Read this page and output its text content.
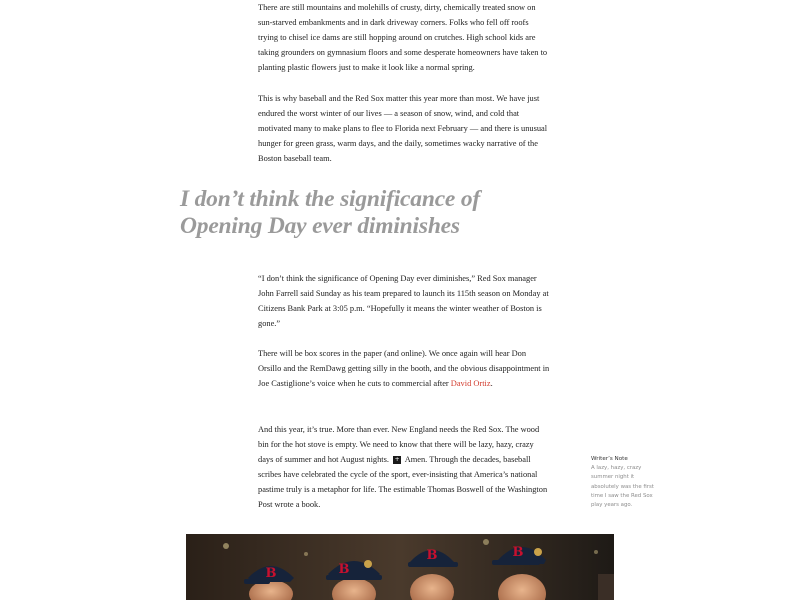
There are still mountains and molehills of crusty, dirty, chemically treated snow on sun-starved embankments and in dark driveway corners. Folks who fell off roofs trying to chisel ice dams are still hopping around on crutches. High school kids are taking grounders on gymnasium floors and some desperate homeowners have taken to planting plastic flowers just to make it look like a normal spring.

This is why baseball and the Red Sox matter this year more than most. We have just endured the worst winter of our lives — a season of snow, wind, and cold that motivated many to make plans to flee to Florida next February — and there is unusual hunger for green grass, warm days, and the daily, sometimes wacky narrative of the Boston baseball team.

I don’t think the significance of Opening Day ever diminishes

“I don’t think the significance of Opening Day ever diminishes,” Red Sox manager John Farrell said Sunday as his team prepared to launch its 115th season on Monday at Citizens Bank Park at 3:05 p.m. “Hopefully it means the winter weather of Boston is gone.”

There will be box scores in the paper (and online). We once again will hear Don Orsillo and the RemDawg getting silly in the booth, and the obvious disappointment in Joe Castiglione’s voice when he cuts to commercial after David Ortiz.

And this year, it’s true. More than ever. New England needs the Red Sox. The wood bin for the hot stove is empty. We need to know that there will be lazy, hazy, crazy days of summer and hot August nights. + Amen. Through the decades, baseball scribes have celebrated the cycle of the sport, ever-insisting that America’s national pastime truly is a metaphor for life. The estimable Thomas Boswell of the Washington Post wrote a book.

Writer’s Note
A lazy, hazy, crazy summer night it absolutely was the first time I saw the Red Sox play years ago.
B	B
B	B
